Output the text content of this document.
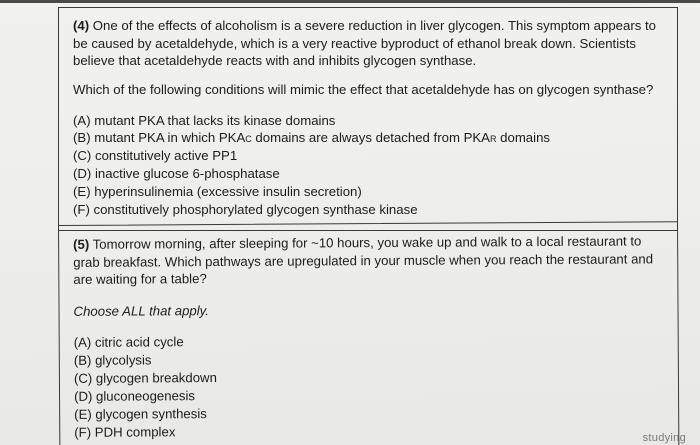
(4) One of the effects of alcoholism is a severe reduction in liver glycogen. This symptom appears to be caused by acetaldehyde, which is a very reactive byproduct of ethanol break down. Scientists believe that acetaldehyde reacts with and inhibits glycogen synthase.

Which of the following conditions will mimic the effect that acetaldehyde has on glycogen synthase?

(A) mutant PKA that lacks its kinase domains
(B) mutant PKA in which PKAC domains are always detached from PKAR domains
(C) constitutively active PP1
(D) inactive glucose 6-phosphatase
(E) hyperinsulinemia (excessive insulin secretion)
(F) constitutively phosphorylated glycogen synthase kinase

(5) Tomorrow morning, after sleeping for ~10 hours, you wake up and walk to a local restaurant to grab breakfast. Which pathways are upregulated in your muscle when you reach the restaurant and are waiting for a table?

Choose ALL that apply.

(A) citric acid cycle
(B) glycolysis
(C) glycogen breakdown
(D) gluconeogenesis
(E) glycogen synthesis
(F) PDH complex	studying
